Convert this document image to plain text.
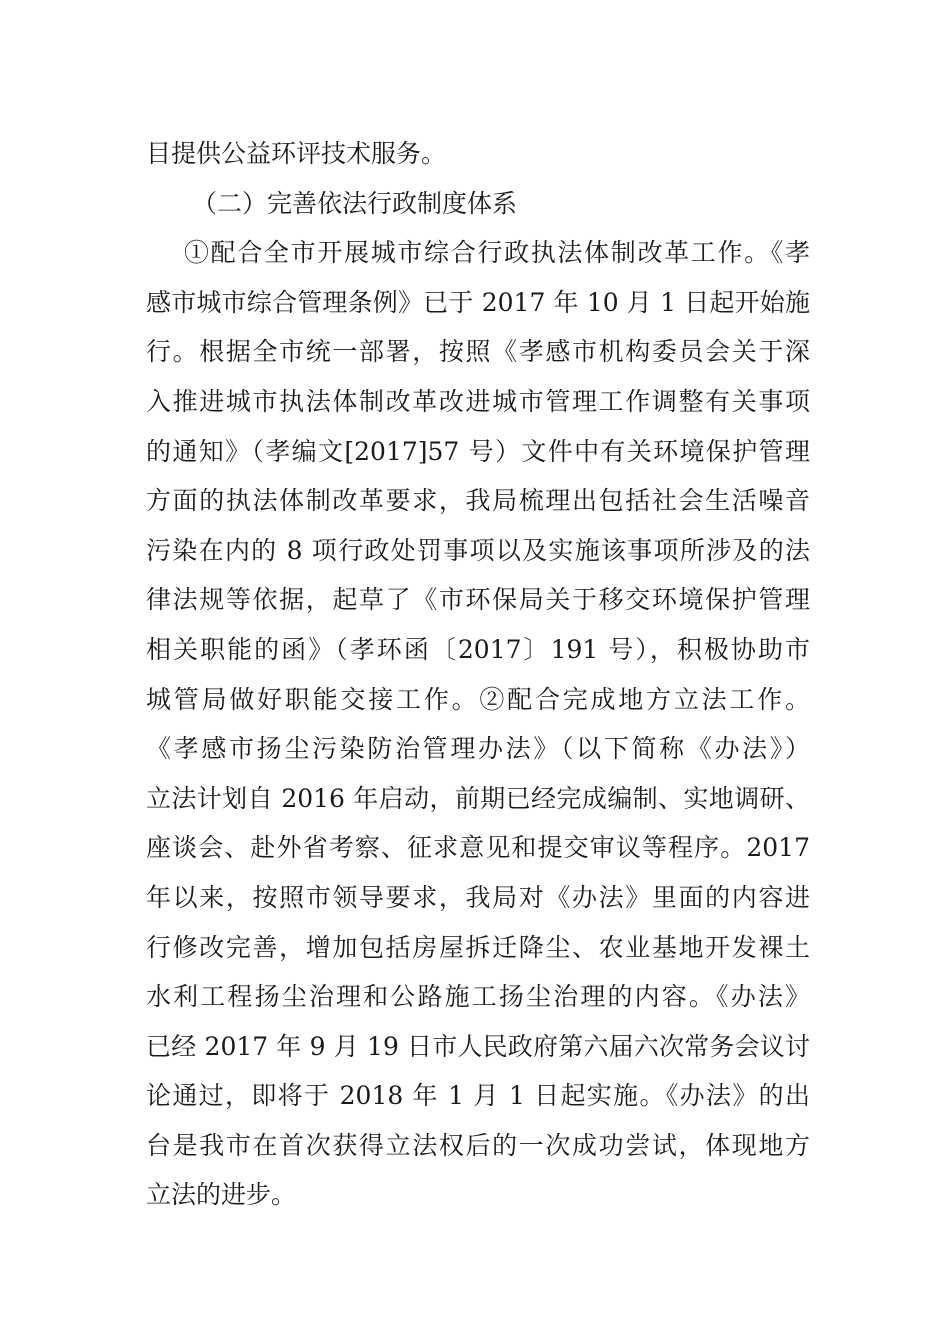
目提供公益环评技术服务。
（二）完善依法行政制度体系
①配合全市开展城市综合行政执法体制改革工作。《孝
感市城市综合管理条例》已于 2017 年 10 月 1 日起开始施
行。根据全市统一部署，按照《孝感市机构委员会关于深
入推进城市执法体制改革改进城市管理工作调整有关事项
的通知》（孝编文[2017]57 号）文件中有关环境保护管理
方面的执法体制改革要求，我局梳理出包括社会生活噪音
污染在内的 8 项行政处罚事项以及实施该事项所涉及的法
律法规等依据，起草了《市环保局关于移交环境保护管理
相关职能的函》（孝环函〔2017〕191 号），积极协助市
城管局做好职能交接工作。②配合完成地方立法工作。
《孝感市扬尘污染防治管理办法》（以下简称《办法》）
立法计划自 2016 年启动，前期已经完成编制、实地调研、
座谈会、赴外省考察、征求意见和提交审议等程序。2017
年以来，按照市领导要求，我局对《办法》里面的内容进
行修改完善，增加包括房屋拆迁降尘、农业基地开发裸土
水利工程扬尘治理和公路施工扬尘治理的内容。《办法》
已经 2017 年 9 月 19 日市人民政府第六届六次常务会议讨
论通过，即将于 2018 年 1 月 1 日起实施。《办法》的出
台是我市在首次获得立法权后的一次成功尝试，体现地方
立法的进步。
